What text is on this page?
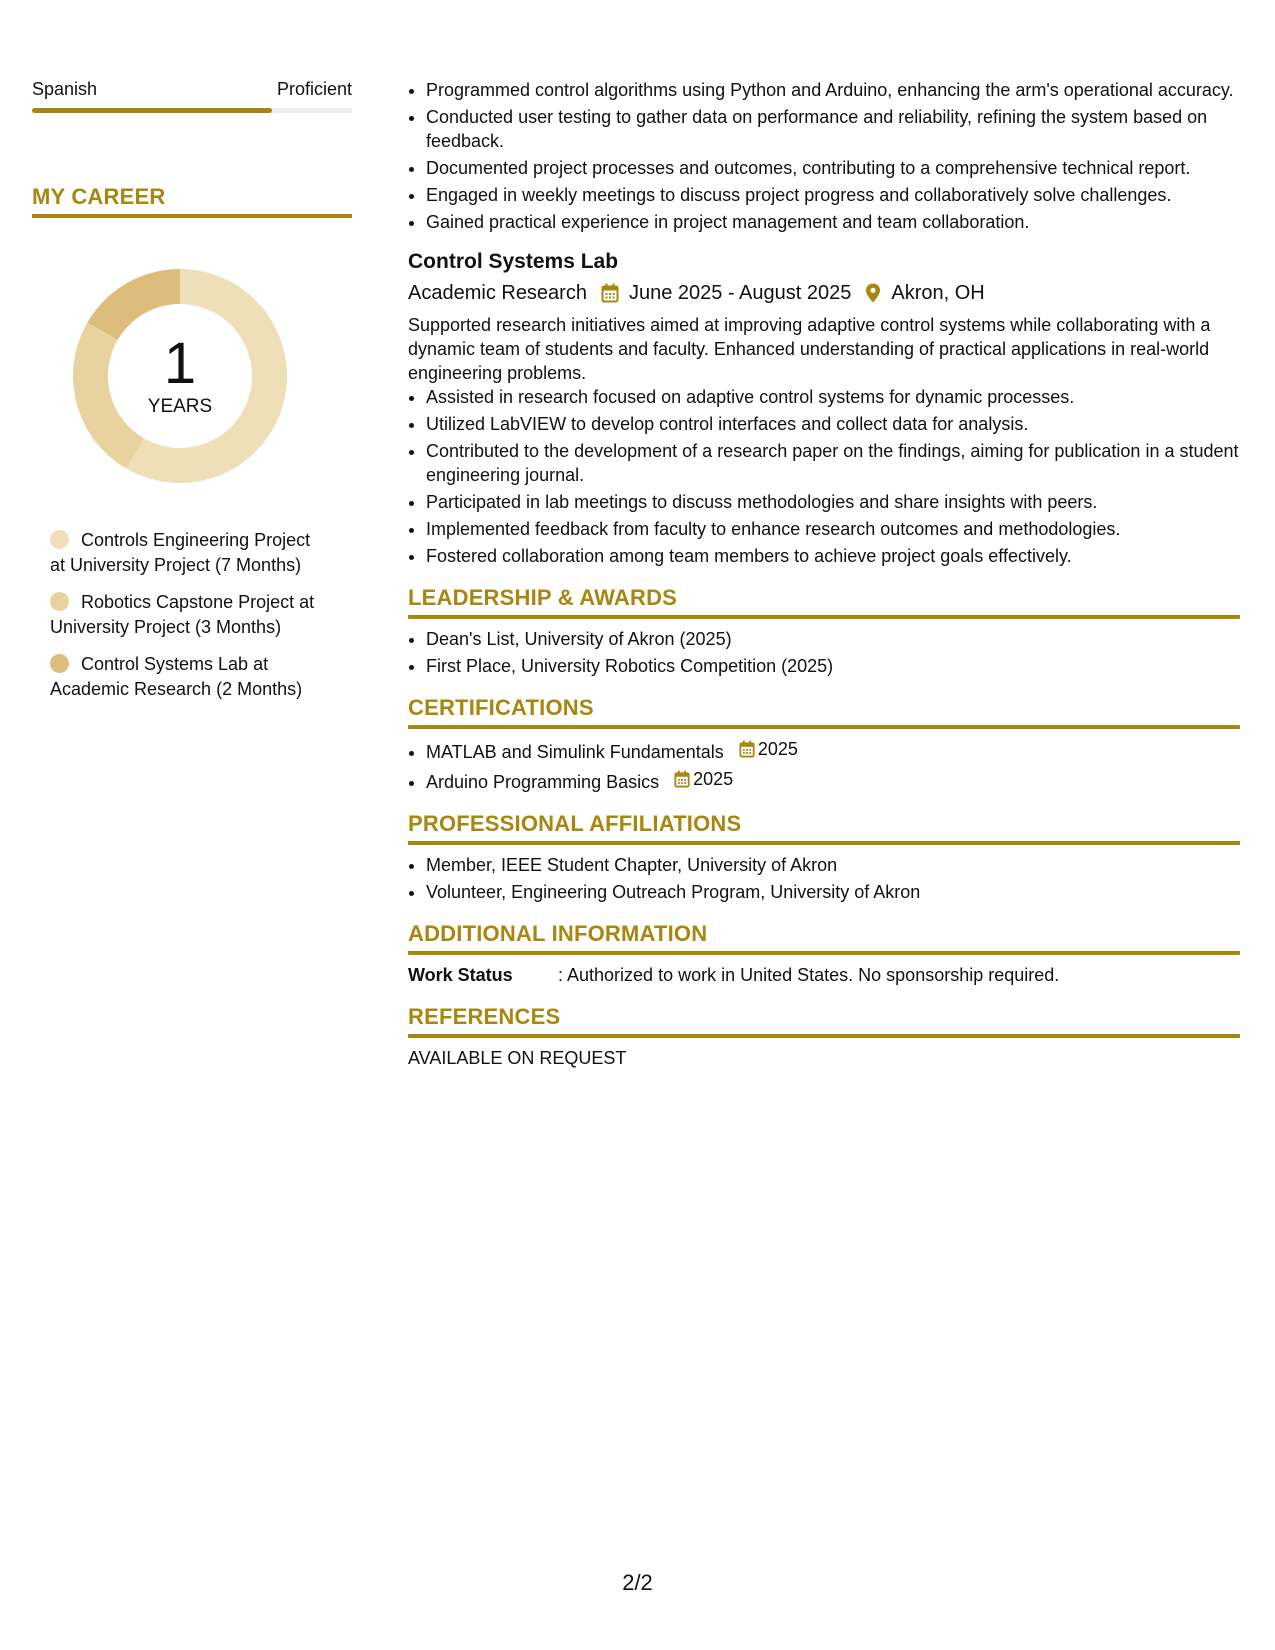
Spanish	Proficient
MY CAREER
1
YEARS
Controls Engineering Project at University Project (7 Months)
Robotics Capstone Project at University Project (3 Months)
Control Systems Lab at Academic Research (2 Months)
• Programmed control algorithms using Python and Arduino, enhancing the arm's operational accuracy.
• Conducted user testing to gather data on performance and reliability, refining the system based on feedback.
• Documented project processes and outcomes, contributing to a comprehensive technical report.
• Engaged in weekly meetings to discuss project progress and collaboratively solve challenges.
• Gained practical experience in project management and team collaboration.
Control Systems Lab
Academic Research June 2025 - August 2025 Akron, OH
Supported research initiatives aimed at improving adaptive control systems while collaborating with a dynamic team of students and faculty. Enhanced understanding of practical applications in real-world engineering problems.
• Assisted in research focused on adaptive control systems for dynamic processes.
• Utilized LabVIEW to develop control interfaces and collect data for analysis.
• Contributed to the development of a research paper on the findings, aiming for publication in a student engineering journal.
• Participated in lab meetings to discuss methodologies and share insights with peers.
• Implemented feedback from faculty to enhance research outcomes and methodologies.
• Fostered collaboration among team members to achieve project goals effectively.
LEADERSHIP & AWARDS
• Dean's List, University of Akron (2025)
• First Place, University Robotics Competition (2025)
CERTIFICATIONS
• MATLAB and Simulink Fundamentals 2025
• Arduino Programming Basics 2025
PROFESSIONAL AFFILIATIONS
• Member, IEEE Student Chapter, University of Akron
• Volunteer, Engineering Outreach Program, University of Akron
ADDITIONAL INFORMATION
Work Status	: Authorized to work in United States. No sponsorship required.
REFERENCES
AVAILABLE ON REQUEST
2/2
